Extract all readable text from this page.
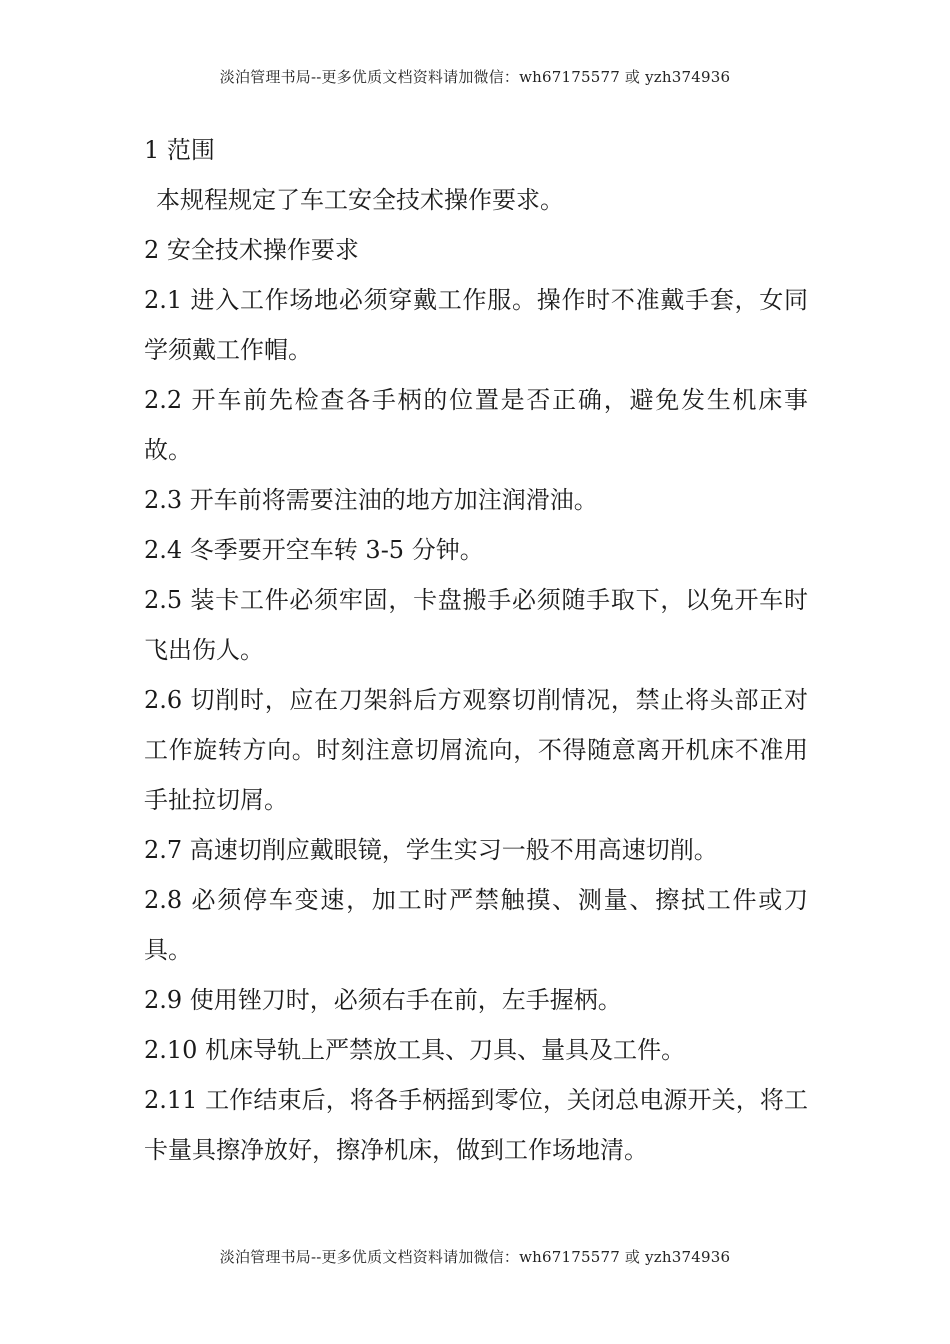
淡泊管理书局--更多优质文档资料请加微信：wh67175577 或 yzh374936

1 范围

本规程规定了车工安全技术操作要求。

2 安全技术操作要求

2.1 进入工作场地必须穿戴工作服。操作时不准戴手套，女同学须戴工作帽。

2.2 开车前先检查各手柄的位置是否正确，避免发生机床事故。

2.3 开车前将需要注油的地方加注润滑油。

2.4 冬季要开空车转 3-5 分钟。

2.5 装卡工件必须牢固，卡盘搬手必须随手取下，以免开车时飞出伤人。

2.6 切削时，应在刀架斜后方观察切削情况，禁止将头部正对工作旋转方向。时刻注意切屑流向，不得随意离开机床不准用手扯拉切屑。

2.7 高速切削应戴眼镜，学生实习一般不用高速切削。

2.8 必须停车变速，加工时严禁触摸、测量、擦拭工件或刀具。

2.9 使用锉刀时，必须右手在前，左手握柄。

2.10 机床导轨上严禁放工具、刀具、量具及工件。

2.11 工作结束后，将各手柄摇到零位，关闭总电源开关，将工卡量具擦净放好，擦净机床，做到工作场地清。

淡泊管理书局--更多优质文档资料请加微信：wh67175577 或 yzh374936
